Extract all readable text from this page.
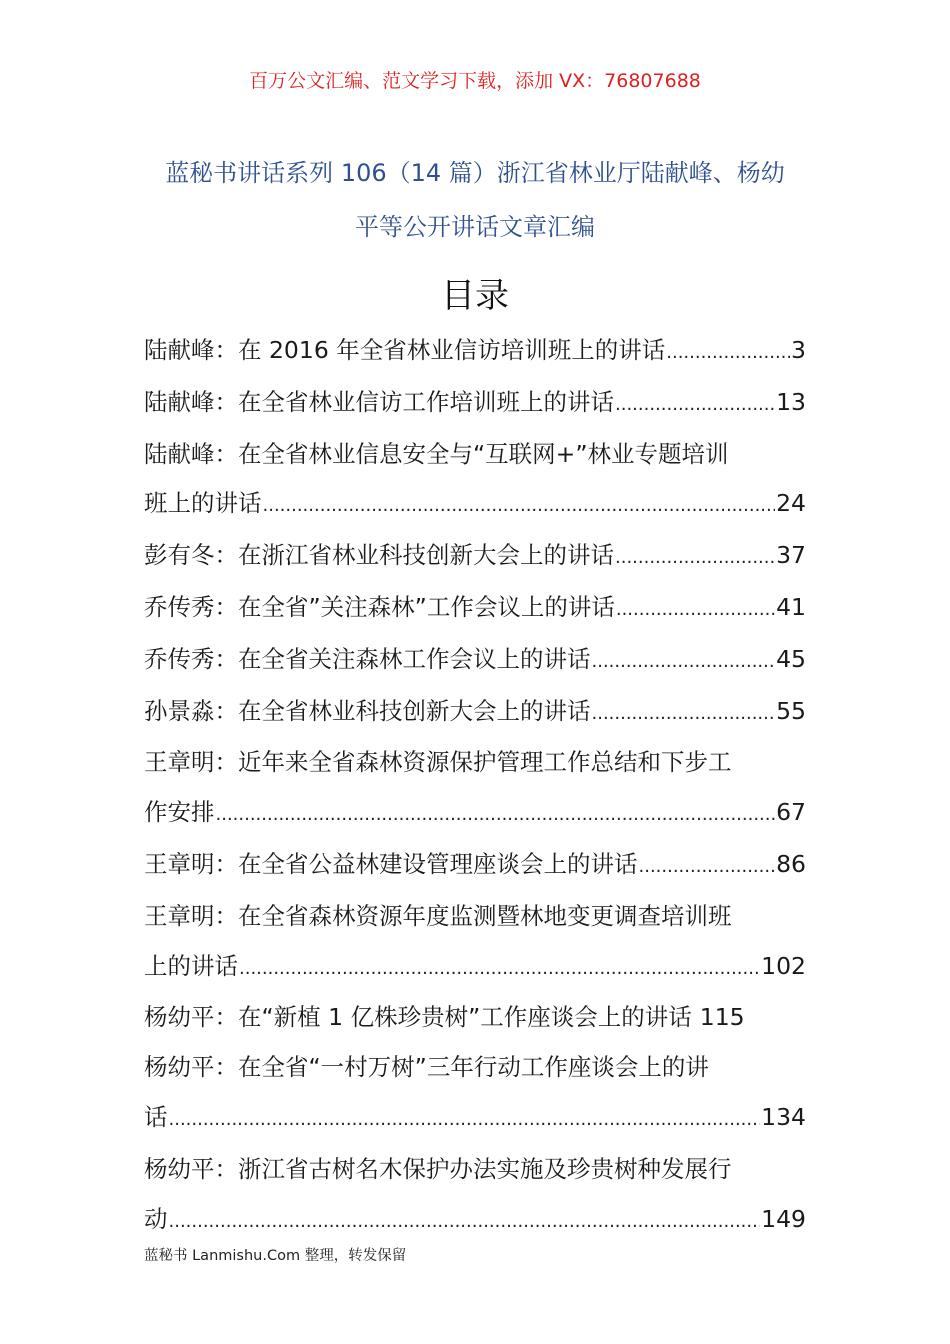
百万公文汇编、范文学习下载，添加 VX：76807688
蓝秘书讲话系列 106（14 篇）浙江省林业厅陆献峰、杨幼
平等公开讲话文章汇编
目录
陆献峰：在 2016 年全省林业信访培训班上的讲话 .....	3
陆献峰：在全省林业信访工作培训班上的讲话 .....	13
陆献峰：在全省林业信息安全与“互联网+”林业专题培训
班上的讲话 .....	24
彭有冬：在浙江省林业科技创新大会上的讲话 .....	37
乔传秀：在全省”关注森林”工作会议上的讲话 .....	41
乔传秀：在全省关注森林工作会议上的讲话 .....	45
孙景淼：在全省林业科技创新大会上的讲话 .....	55
王章明：近年来全省森林资源保护管理工作总结和下步工
作安排 .....	67
王章明：在全省公益林建设管理座谈会上的讲话 .....	86
王章明：在全省森林资源年度监测暨林地变更调查培训班
上的讲话 .....	102
杨幼平：在“新植 1 亿株珍贵树”工作座谈会上的讲话 115
杨幼平：在全省“一村万树”三年行动工作座谈会上的讲
话 .....	134
杨幼平：浙江省古树名木保护办法实施及珍贵树种发展行
动 .....	149
蓝秘书 Lanmishu.Com 整理，转发保留
